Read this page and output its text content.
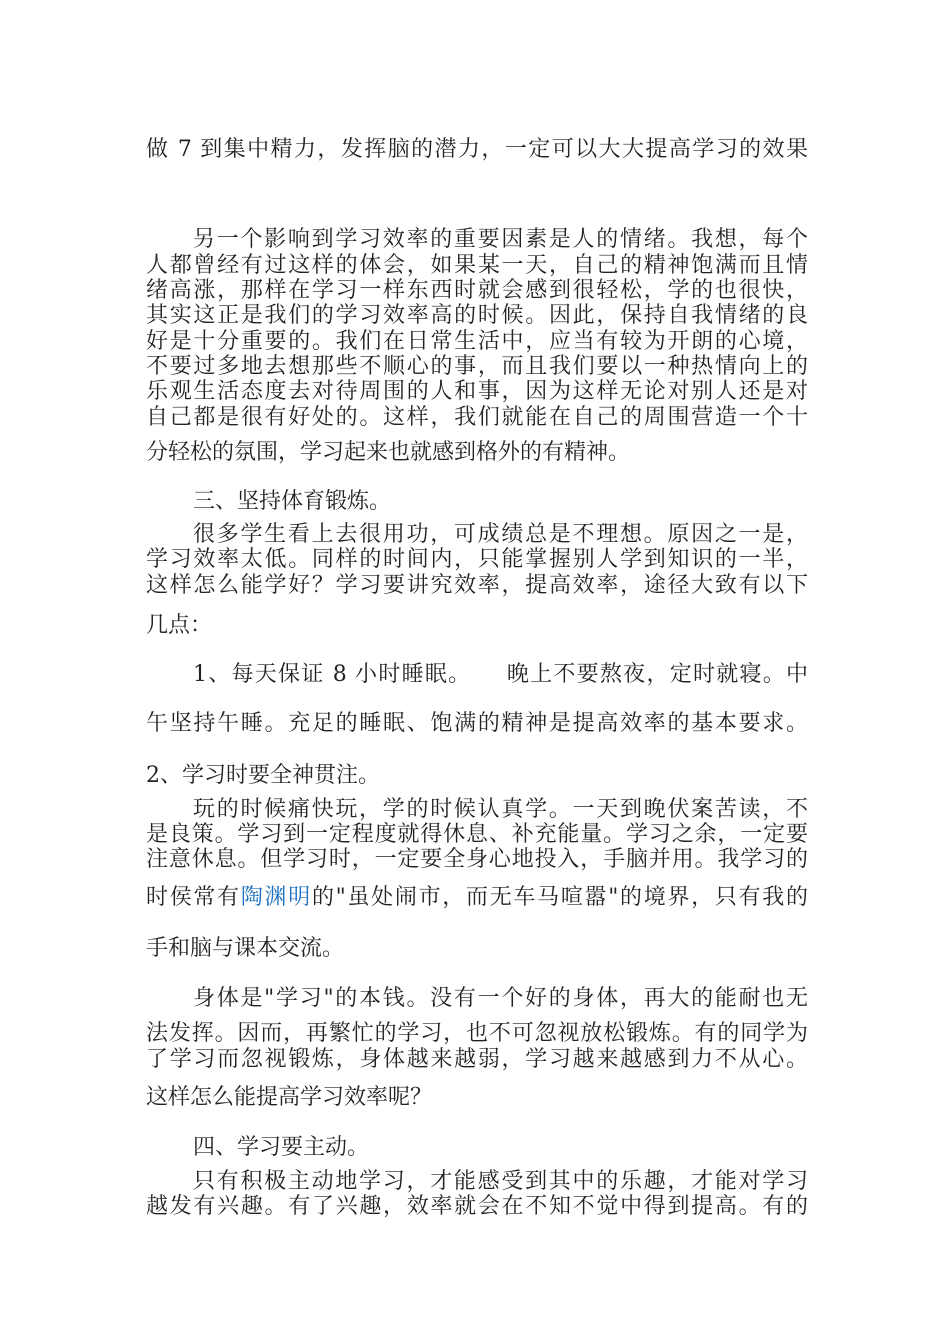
做 7 到集中精力，发挥脑的潜力，一定可以大大提高学习的效果
另一个影响到学习效率的重要因素是人的情绪。我想，每个
人都曾经有过这样的体会，如果某一天，自己的精神饱满而且情
绪高涨，那样在学习一样东西时就会感到很轻松，学的也很快，
其实这正是我们的学习效率高的时候。因此，保持自我情绪的良
好是十分重要的。我们在日常生活中，应当有较为开朗的心境，
不要过多地去想那些不顺心的事，而且我们要以一种热情向上的
乐观生活态度去对待周围的人和事，因为这样无论对别人还是对
自己都是很有好处的。这样，我们就能在自己的周围营造一个十
分轻松的氛围，学习起来也就感到格外的有精神。
三、坚持体育锻炼。
很多学生看上去很用功，可成绩总是不理想。原因之一是，
学习效率太低。同样的时间内，只能掌握别人学到知识的一半，
这样怎么能学好？学习要讲究效率，提高效率，途径大致有以下
几点：
1、每天保证 8 小时睡眠。　　晚上不要熬夜，定时就寝。中
午坚持午睡。充足的睡眠、饱满的精神是提高效率的基本要求。
2、学习时要全神贯注。
玩的时候痛快玩，学的时候认真学。一天到晚伏案苦读，不
是良策。学习到一定程度就得休息、补充能量。学习之余，一定要
注意休息。但学习时，一定要全身心地投入，手脑并用。我学习的
时侯常有陶渊明的"虽处闹市，而无车马喧嚣"的境界，只有我的
手和脑与课本交流。
身体是"学习"的本钱。没有一个好的身体，再大的能耐也无
法发挥。因而，再繁忙的学习，也不可忽视放松锻炼。有的同学为
了学习而忽视锻炼，身体越来越弱，学习越来越感到力不从心。
这样怎么能提高学习效率呢？
四、学习要主动。
只有积极主动地学习，才能感受到其中的乐趣，才能对学习
越发有兴趣。有了兴趣，效率就会在不知不觉中得到提高。有的
